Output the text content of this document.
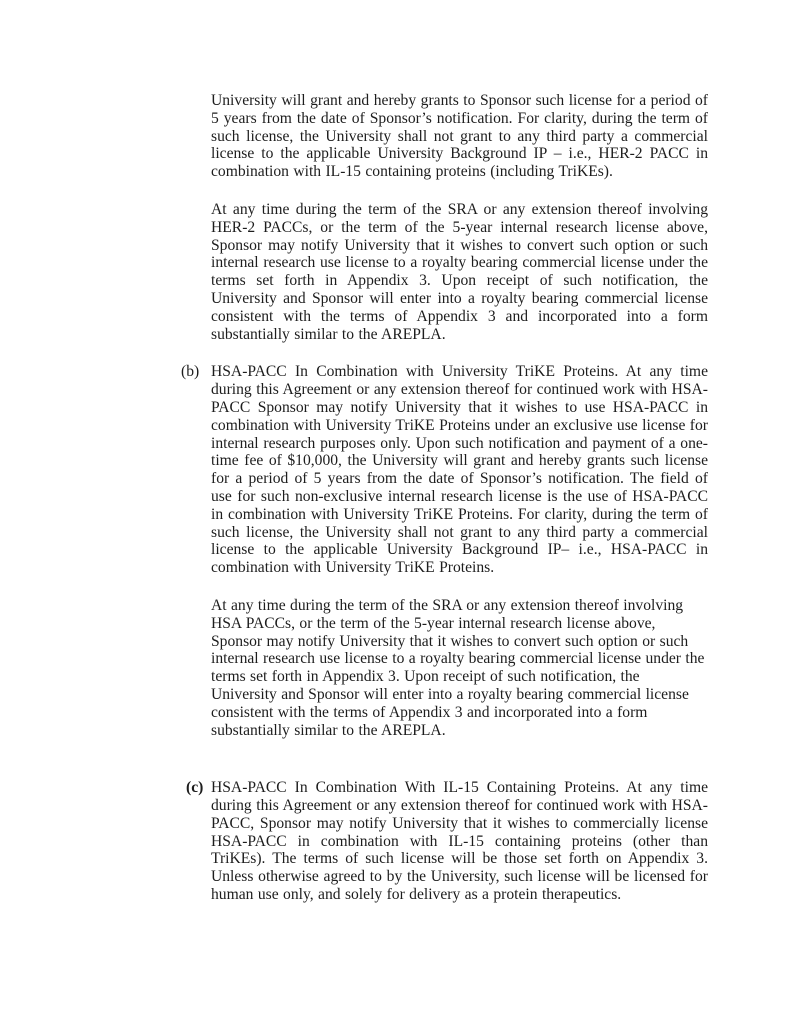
University will grant and hereby grants to Sponsor such license for a period of 5 years from the date of Sponsor’s notification. For clarity, during the term of such license, the University shall not grant to any third party a commercial license to the applicable University Background IP – i.e., HER-2 PACC in combination with IL-15 containing proteins (including TriKEs).
At any time during the term of the SRA or any extension thereof involving HER-2 PACCs, or the term of the 5-year internal research license above, Sponsor may notify University that it wishes to convert such option or such internal research use license to a royalty bearing commercial license under the terms set forth in Appendix 3. Upon receipt of such notification, the University and Sponsor will enter into a royalty bearing commercial license consistent with the terms of Appendix 3 and incorporated into a form substantially similar to the AREPLA.
(b) HSA-PACC In Combination with University TriKE Proteins. At any time during this Agreement or any extension thereof for continued work with HSA-PACC Sponsor may notify University that it wishes to use HSA-PACC in combination with University TriKE Proteins under an exclusive use license for internal research purposes only. Upon such notification and payment of a one-time fee of $10,000, the University will grant and hereby grants such license for a period of 5 years from the date of Sponsor’s notification. The field of use for such non-exclusive internal research license is the use of HSA-PACC in combination with University TriKE Proteins. For clarity, during the term of such license, the University shall not grant to any third party a commercial license to the applicable University Background IP– i.e., HSA-PACC in combination with University TriKE Proteins.
At any time during the term of the SRA or any extension thereof involving HSA PACCs, or the term of the 5-year internal research license above, Sponsor may notify University that it wishes to convert such option or such internal research use license to a royalty bearing commercial license under the terms set forth in Appendix 3. Upon receipt of such notification, the University and Sponsor will enter into a royalty bearing commercial license consistent with the terms of Appendix 3 and incorporated into a form substantially similar to the AREPLA.
(c) HSA-PACC In Combination With IL-15 Containing Proteins. At any time during this Agreement or any extension thereof for continued work with HSA-PACC, Sponsor may notify University that it wishes to commercially license HSA-PACC in combination with IL-15 containing proteins (other than TriKEs). The terms of such license will be those set forth on Appendix 3. Unless otherwise agreed to by the University, such license will be licensed for human use only, and solely for delivery as a protein therapeutics.
